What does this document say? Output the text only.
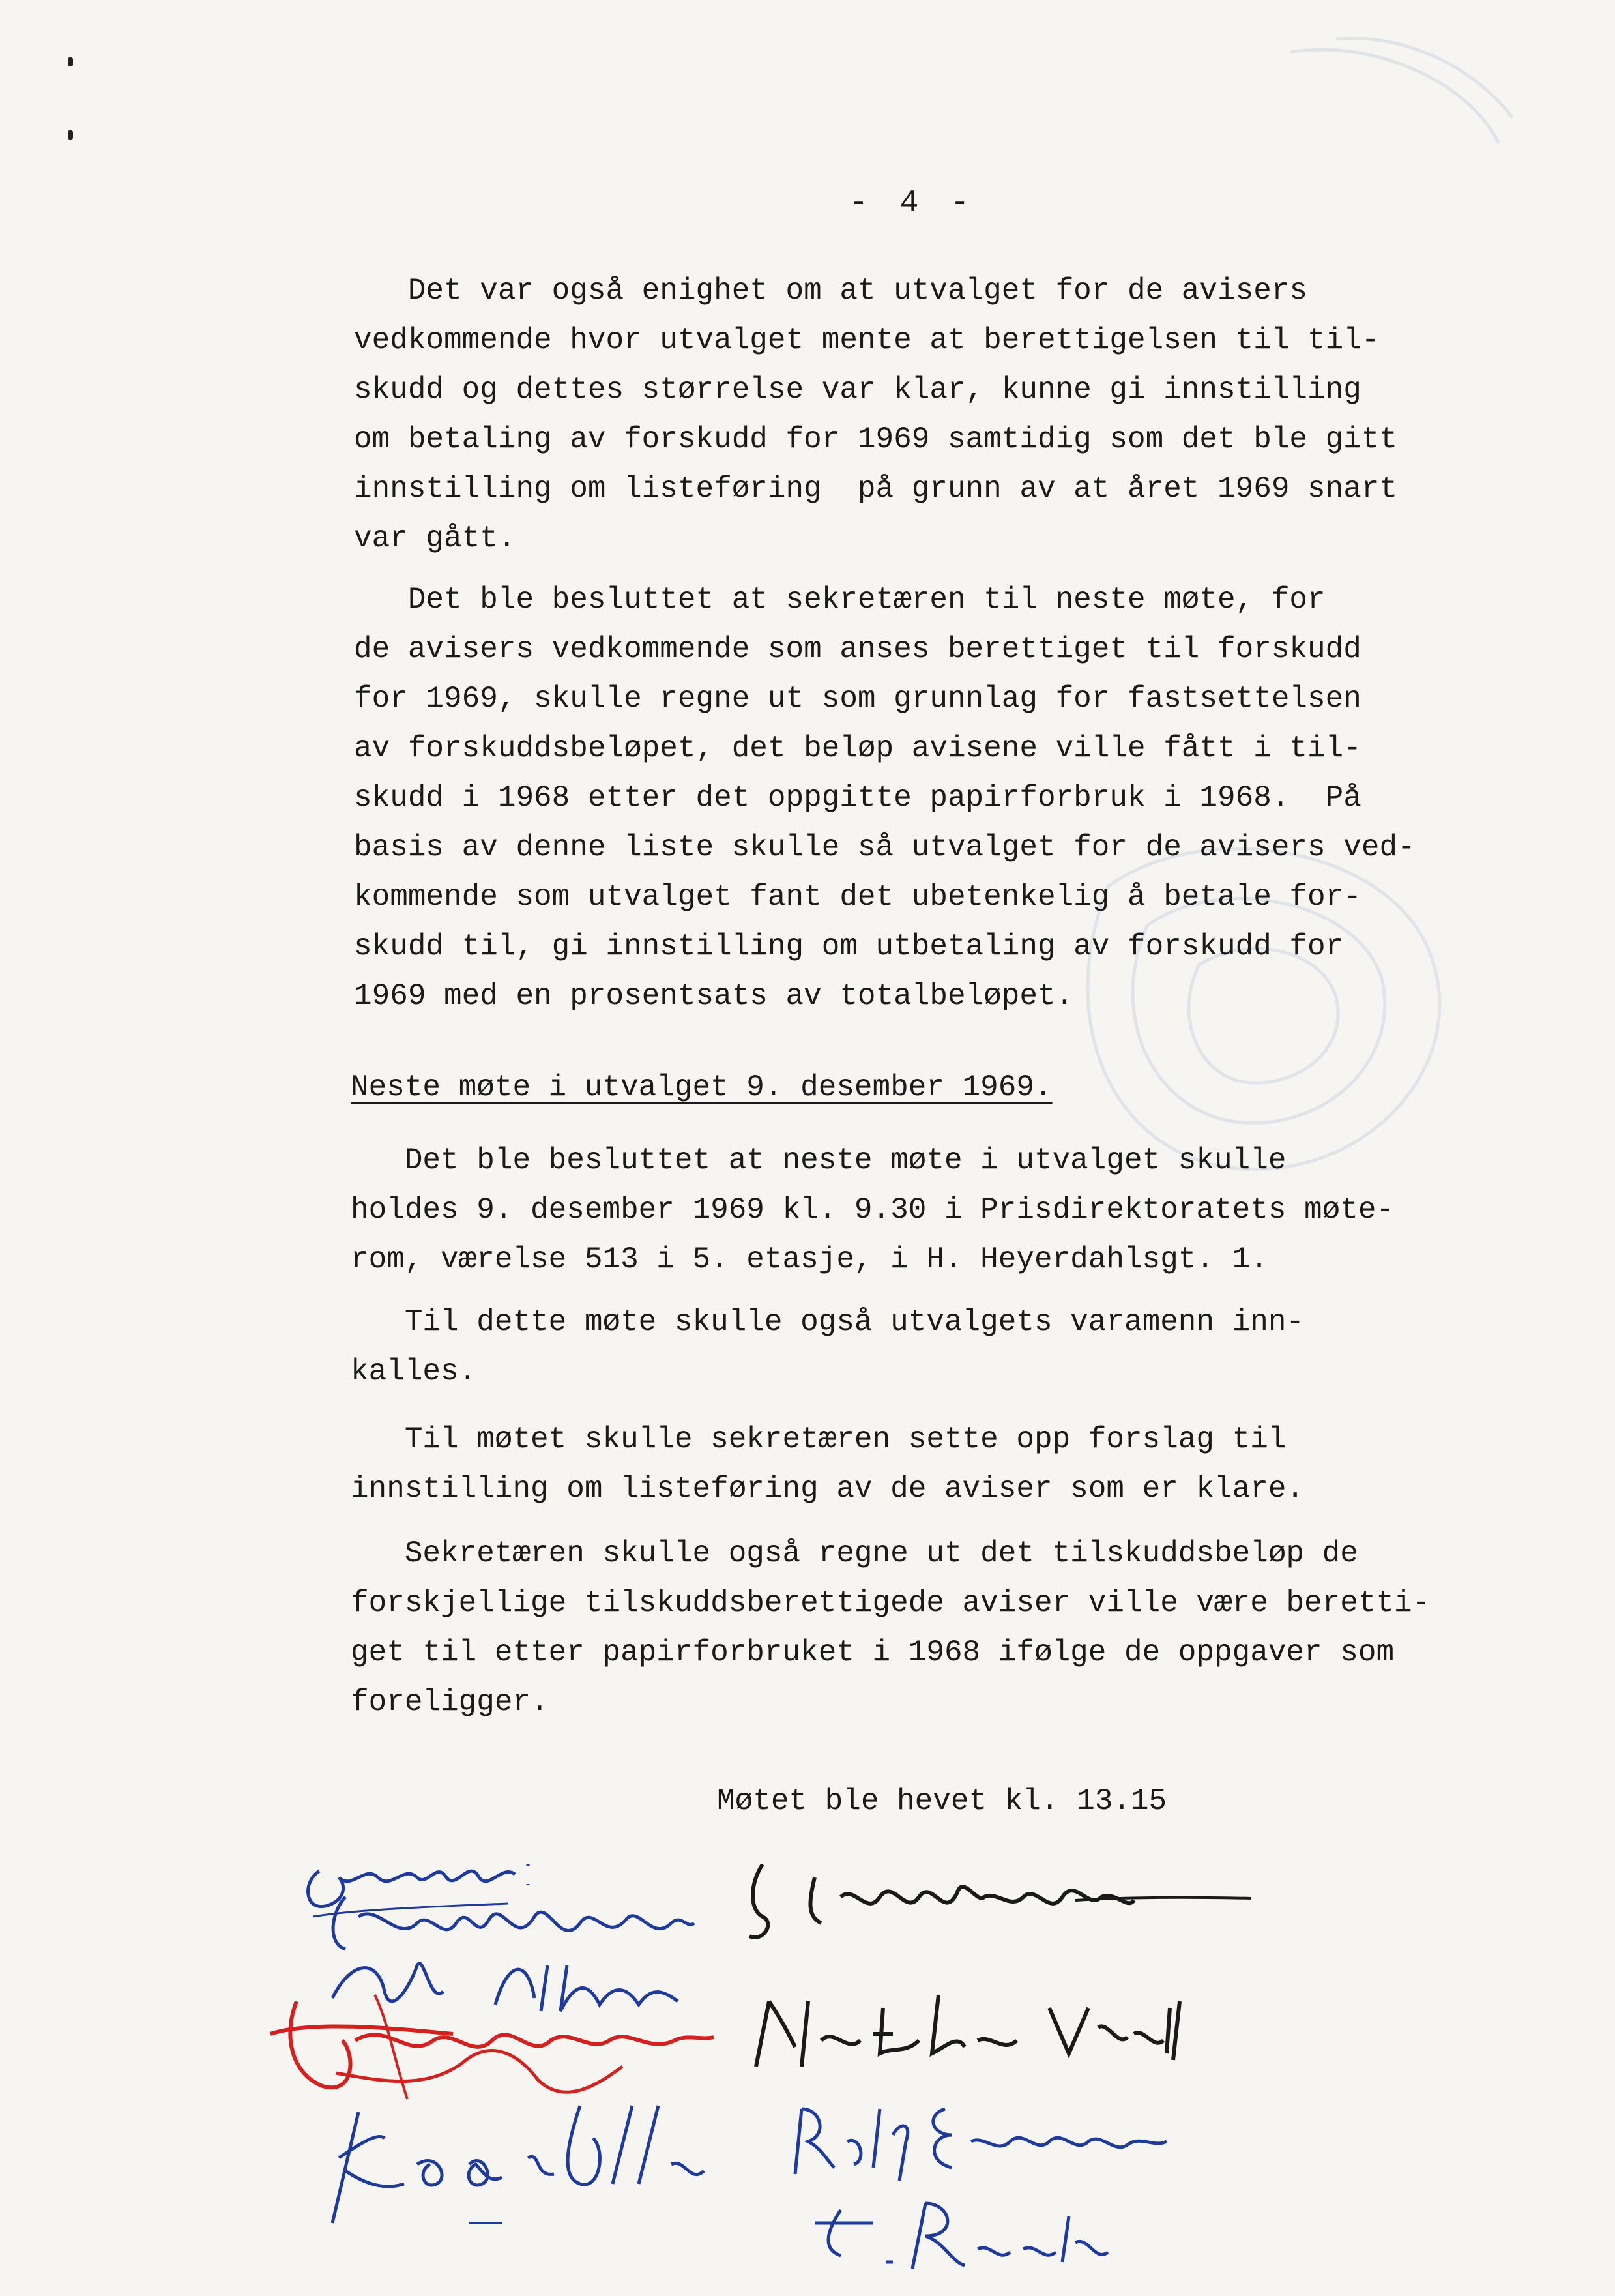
- 4 -

Det var også enighet om at utvalget for de avisers
vedkommende hvor utvalget mente at berettigelsen til til-
skudd og dettes størrelse var klar, kunne gi innstilling
om betaling av forskudd for 1969 samtidig som det ble gitt
innstilling om listeføring  på grunn av at året 1969 snart
var gått.

Det ble besluttet at sekretæren til neste møte, for
de avisers vedkommende som anses berettiget til forskudd
for 1969, skulle regne ut som grunnlag for fastsettelsen
av forskuddsbeløpet, det beløp avisene ville fått i til-
skudd i 1968 etter det oppgitte papirforbruk i 1968.  På
basis av denne liste skulle så utvalget for de avisers ved-
kommende som utvalget fant det ubetenkelig å betale for-
skudd til, gi innstilling om utbetaling av forskudd for
1969 med en prosentsats av totalbeløpet.

Neste møte i utvalget 9. desember 1969.

Det ble besluttet at neste møte i utvalget skulle
holdes 9. desember 1969 kl. 9.30 i Prisdirektoratets møte-
rom, værelse 513 i 5. etasje, i H. Heyerdahlsgt. 1.

Til dette møte skulle også utvalgets varamenn inn-
kalles.

Til møtet skulle sekretæren sette opp forslag til
innstilling om listeføring av de aviser som er klare.

Sekretæren skulle også regne ut det tilskuddsbeløp de
forskjellige tilskuddsberettigede aviser ville være beretti-
get til etter papirforbruket i 1968 ifølge de oppgaver som
foreligger.

Møtet ble hevet kl. 13.15
